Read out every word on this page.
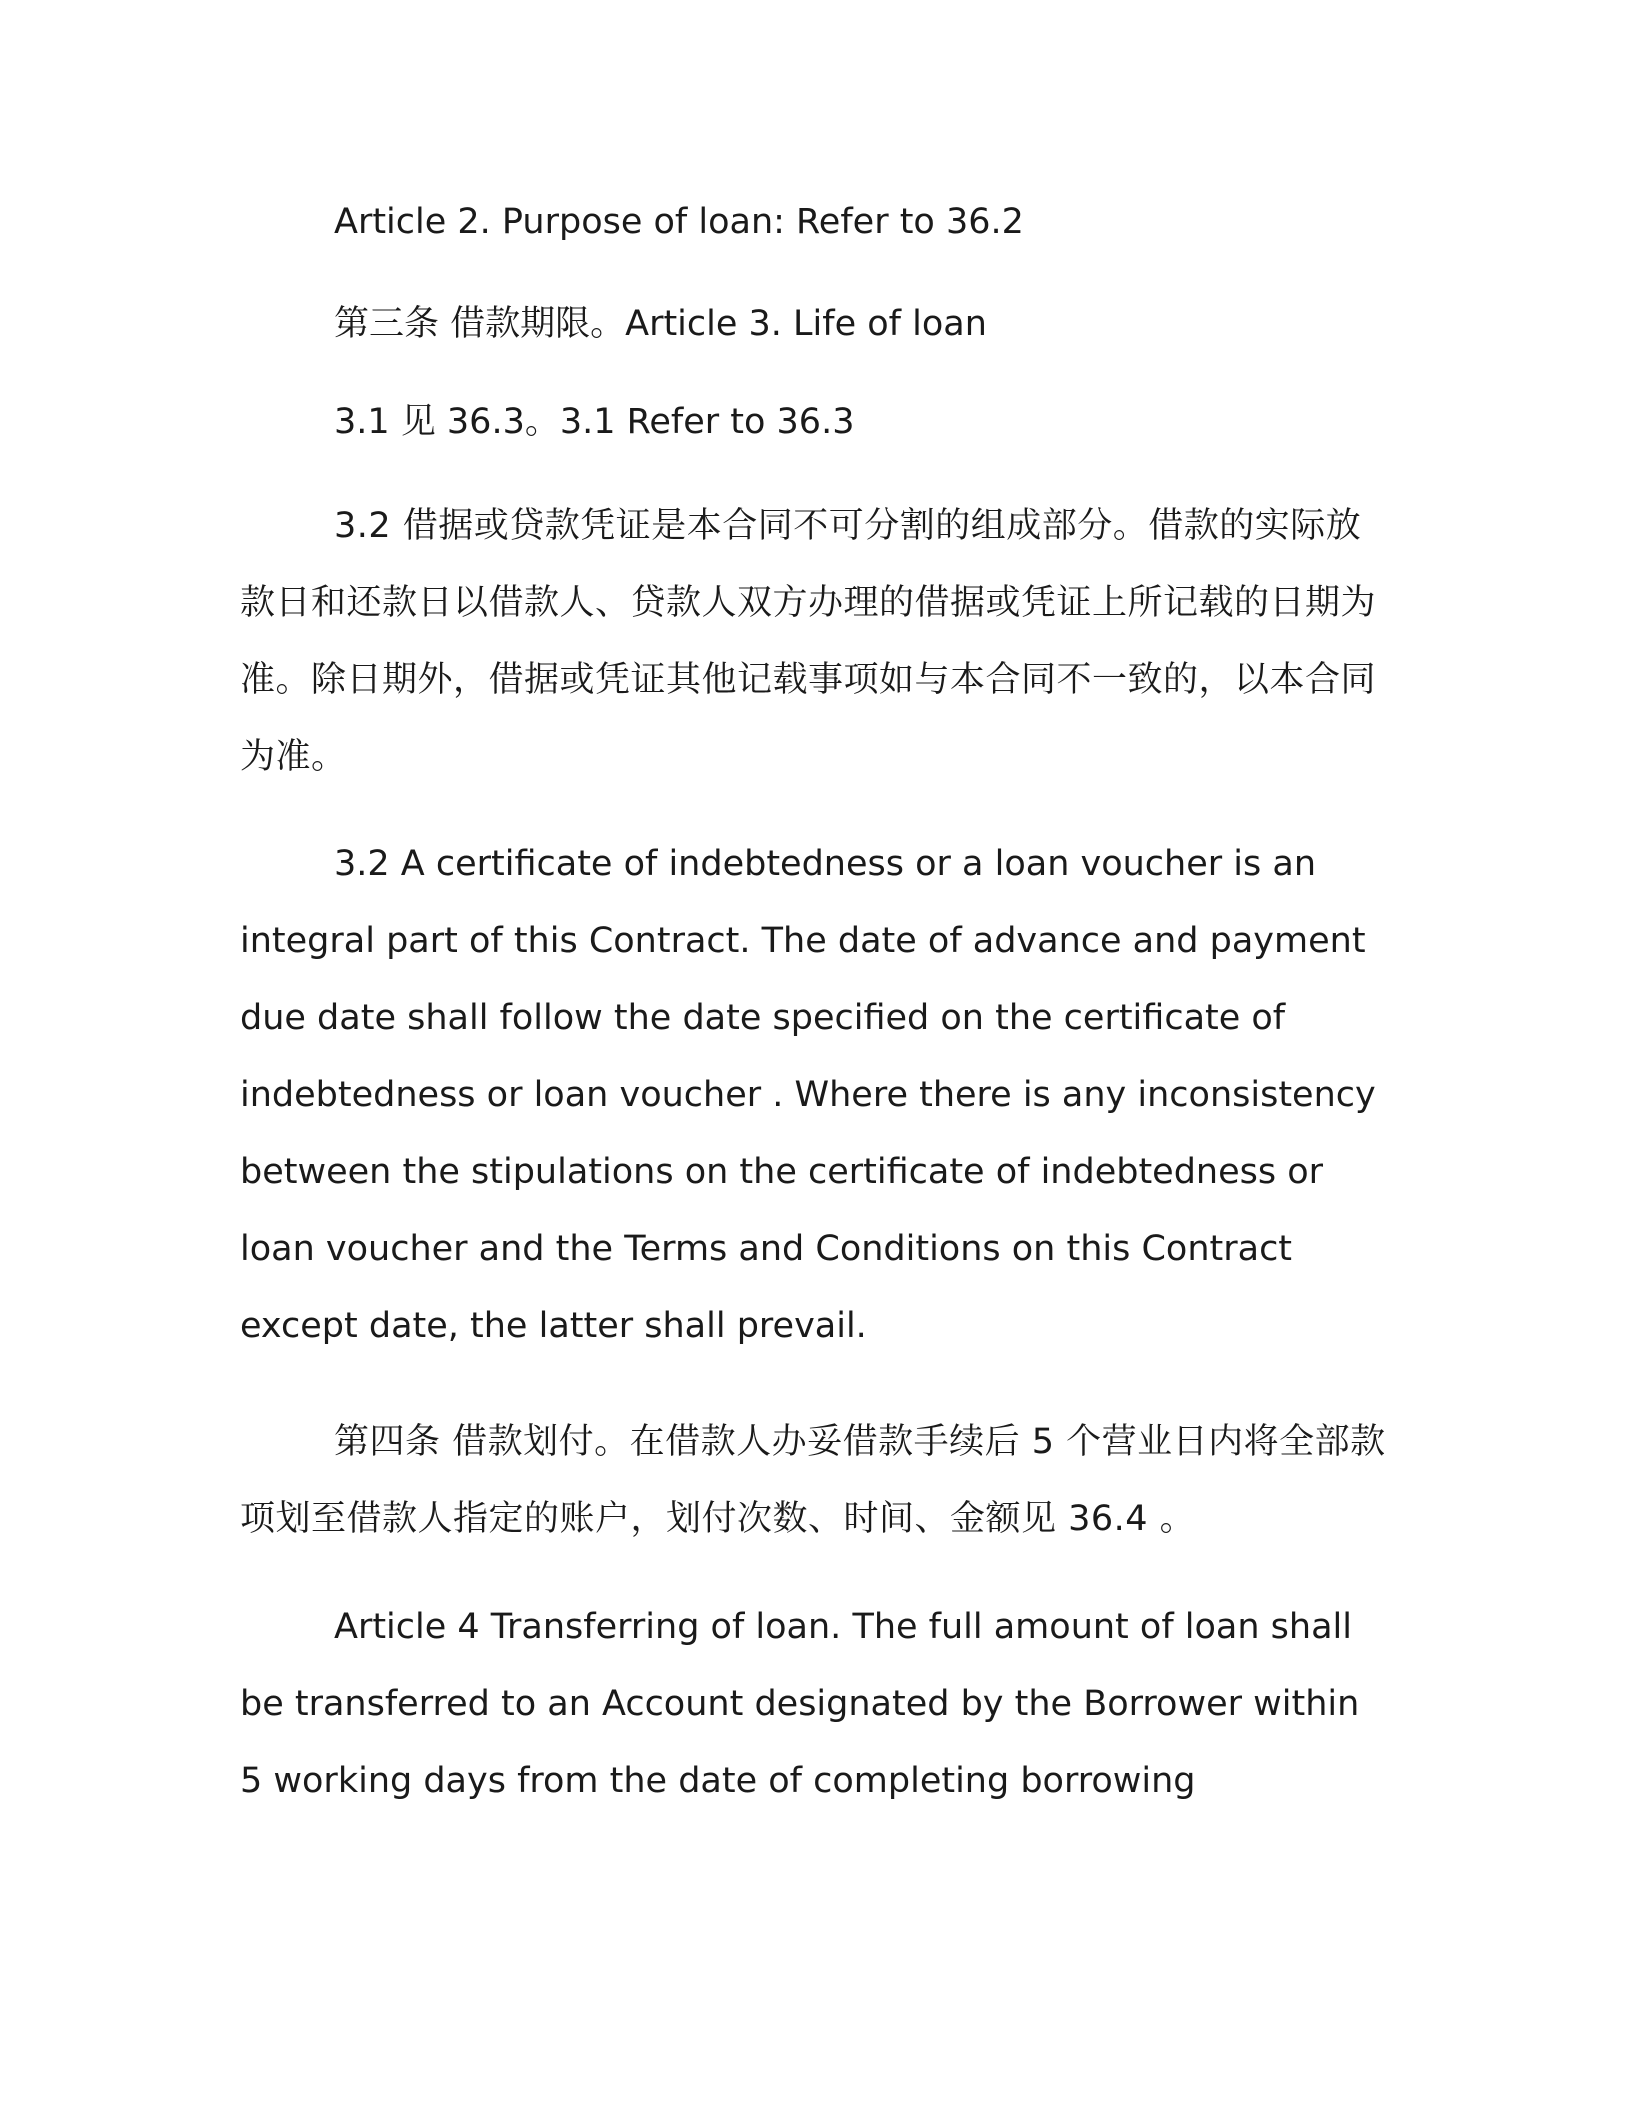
Article 2. Purpose of loan: Refer to 36.2
第三条 借款期限。Article 3. Life of loan
3.1 见 36.3。3.1 Refer to 36.3

3.2 借据或贷款凭证是本合同不可分割的组成部分。借款的实际放款日和还款日以借款人、贷款人双方办理的借据或凭证上所记载的日期为准。除日期外，借据或凭证其他记载事项如与本合同不一致的，以本合同为准。

3.2 A certificate of indebtedness or a loan voucher is an integral part of this Contract. The date of advance and payment due date shall follow the date specified on the certificate of indebtedness or loan voucher . Where there is any inconsistency between the stipulations on the certificate of indebtedness or loan voucher and the Terms and Conditions on this Contract except date, the latter shall prevail.

第四条 借款划付。在借款人办妥借款手续后 5 个营业日内将全部款项划至借款人指定的账户，划付次数、时间、金额见 36.4 。

Article 4 Transferring of loan. The full amount of loan shall be transferred to an Account designated by the Borrower within 5 working days from the date of completing borrowing
